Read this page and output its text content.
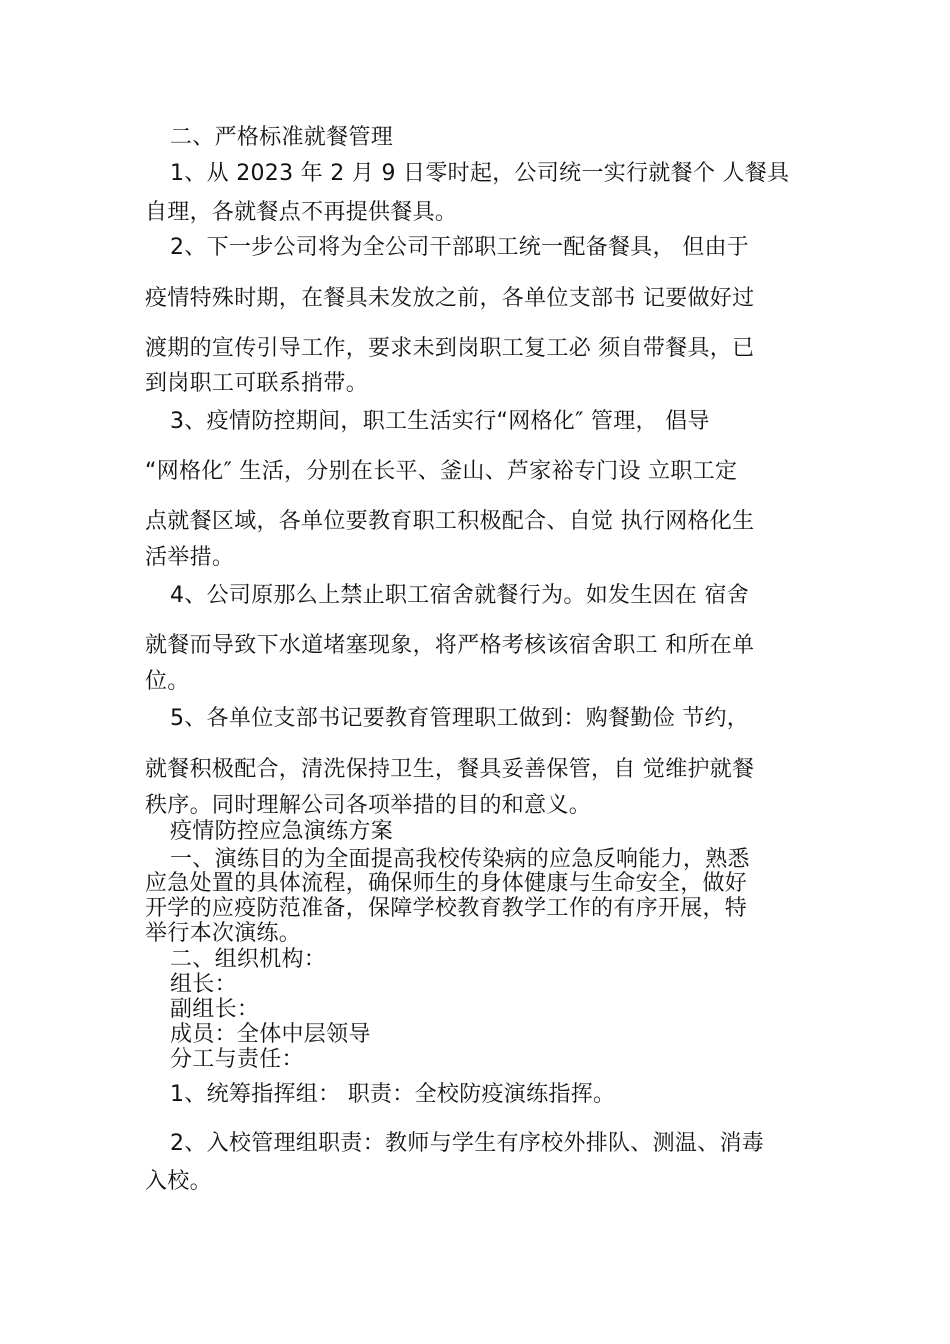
二、严格标准就餐管理
1、从 2023 年 2 月 9 日零时起，公司统一实行就餐个 人餐具
自理，各就餐点不再提供餐具。
2、下一步公司将为全公司干部职工统一配备餐具， 但由于
疫情特殊时期，在餐具未发放之前，各单位支部书 记要做好过
渡期的宣传引导工作，要求未到岗职工复工必 须自带餐具，已
到岗职工可联系捎带。
3、疫情防控期间，职工生活实行“网格化″ 管理， 倡导
“网格化″ 生活，分别在长平、釜山、芦家裕专门设 立职工定
点就餐区域，各单位要教育职工积极配合、自觉 执行网格化生
活举措。
4、公司原那么上禁止职工宿舍就餐行为。如发生因在 宿舍
就餐而导致下水道堵塞现象，将严格考核该宿舍职工 和所在单
位。
5、各单位支部书记要教育管理职工做到：购餐勤俭 节约，
就餐积极配合，清洗保持卫生，餐具妥善保管，自 觉维护就餐
秩序。同时理解公司各项举措的目的和意义。
疫情防控应急演练方案
一、演练目的为全面提高我校传染病的应急反响能力，熟悉
应急处置的具体流程，确保师生的身体健康与生命安全，做好
开学的应疫防范准备，保障学校教育教学工作的有序开展，特
举行本次演练。
二、组织机构：
组长：
副组长：
成员：全体中层领导
分工与责任：
1、统筹指挥组： 职责：全校防疫演练指挥。
2、入校管理组职责：教师与学生有序校外排队、测温、消毒
入校。
